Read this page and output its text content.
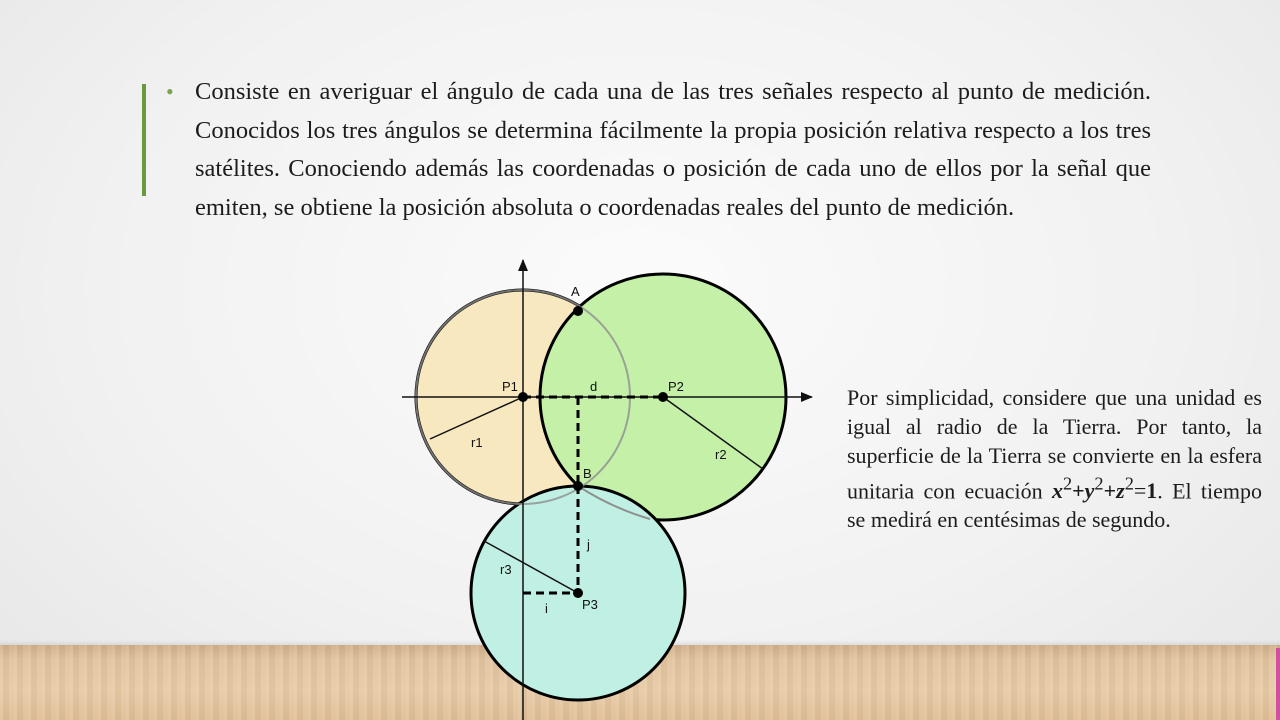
• Consiste en averiguar el ángulo de cada una de las tres señales respecto al punto de medición. Conocidos los tres ángulos se determina fácilmente la propia posición relativa respecto a los tres satélites. Conociendo además las coordenadas o posición de cada uno de ellos por la señal que emiten, se obtiene la posición absoluta o coordenadas reales del punto de medición.
Por simplicidad, considere que una unidad es igual al radio de la Tierra. Por tanto, la superficie de la Tierra se convierte en la esfera unitaria con ecuación $x^2+y^2+z^2=1$. El tiempo se medirá en centésimas de segundo.
A
B
P1	P2
P3
r1
r2
r3
d
j
i
